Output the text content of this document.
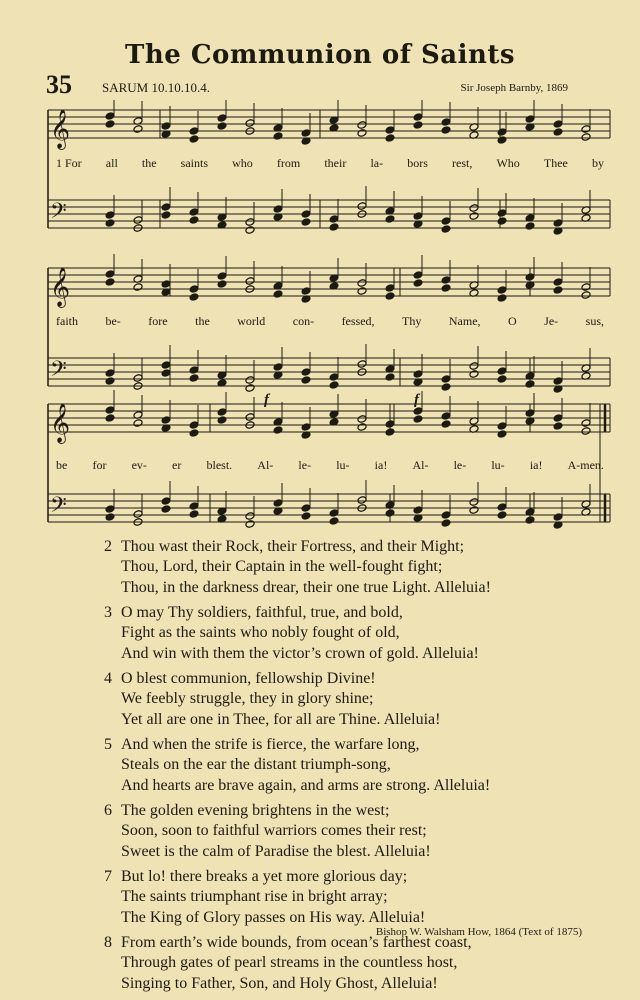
The Communion of Saints
35 SARUM 10.10.10.4.	Sir Joseph Barnby, 1869
𝄞
𝄢
𝄞
𝄢
𝄞
𝄢
f	f
1 For all the saints who from their la- bors rest, Who Thee by
faith be- fore the world con- fessed, Thy Name, O Je- sus,
be for ev- er blest. Al- le- lu- ia! Al- le- lu- ia! A-men.
2 Thou wast their Rock, their Fortress, and their Might;
Thou, Lord, their Captain in the well-fought fight;
Thou, in the darkness drear, their one true Light. Alleluia!
3 O may Thy soldiers, faithful, true, and bold,
Fight as the saints who nobly fought of old,
And win with them the victor’s crown of gold. Alleluia!
4 O blest communion, fellowship Divine!
We feebly struggle, they in glory shine;
Yet all are one in Thee, for all are Thine. Alleluia!
5 And when the strife is fierce, the warfare long,
Steals on the ear the distant triumph-song,
And hearts are brave again, and arms are strong. Alleluia!
6 The golden evening brightens in the west;
Soon, soon to faithful warriors comes their rest;
Sweet is the calm of Paradise the blest. Alleluia!
7 But lo! there breaks a yet more glorious day;
The saints triumphant rise in bright array;
The King of Glory passes on His way. Alleluia!
8 From earth’s wide bounds, from ocean’s farthest coast,
Through gates of pearl streams in the countless host,
Singing to Father, Son, and Holy Ghost, Alleluia!
Bishop W. Walsham How, 1864 (Text of 1875)
